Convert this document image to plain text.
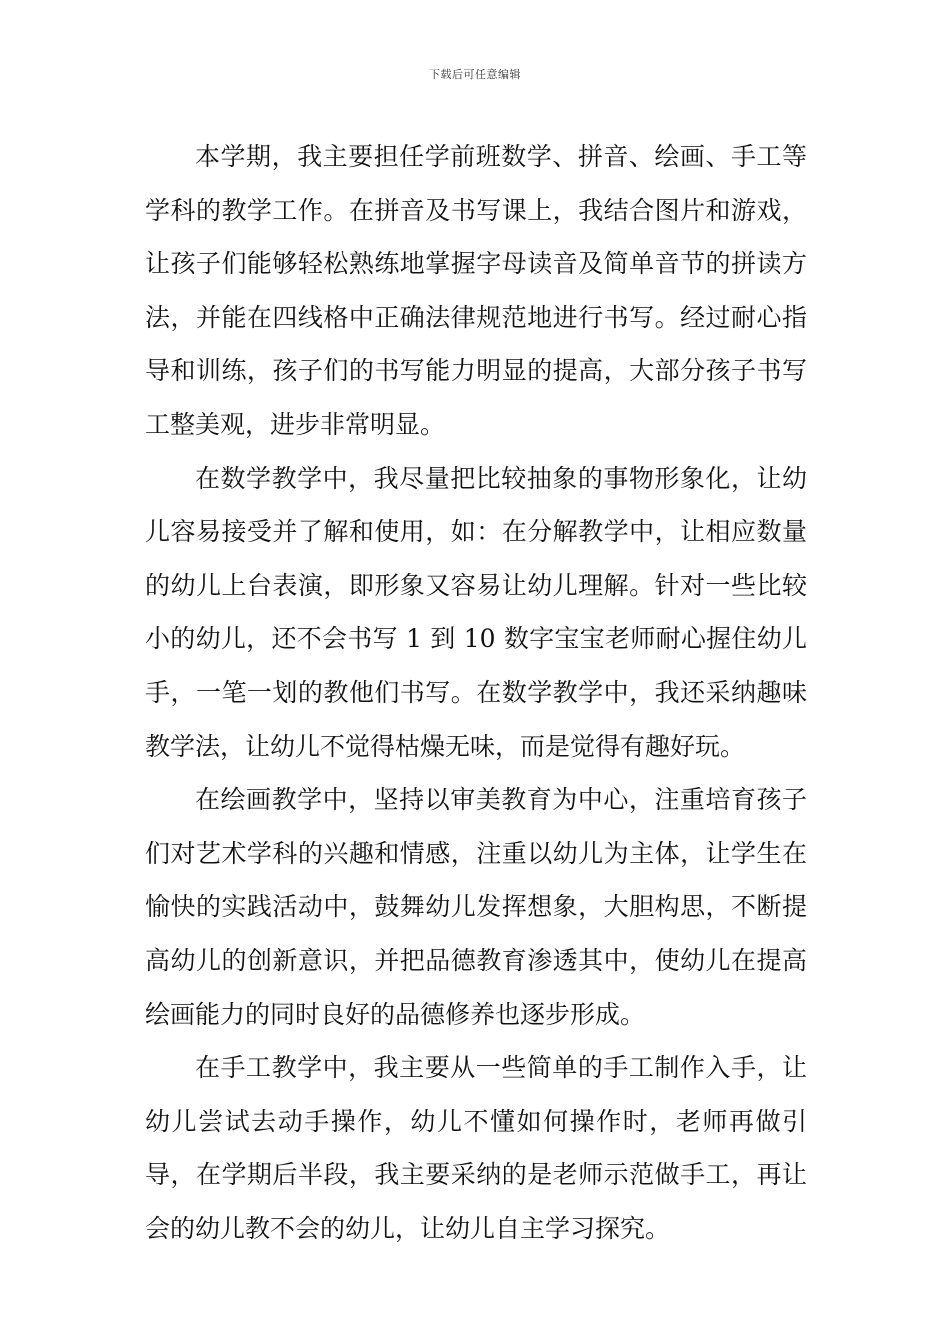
下载后可任意编辑

本学期，我主要担任学前班数学、拼音、绘画、手工等学科的教学工作。在拼音及书写课上，我结合图片和游戏，让孩子们能够轻松熟练地掌握字母读音及简单音节的拼读方法，并能在四线格中正确法律规范地进行书写。经过耐心指导和训练，孩子们的书写能力明显的提高，大部分孩子书写工整美观，进步非常明显。

在数学教学中，我尽量把比较抽象的事物形象化，让幼儿容易接受并了解和使用，如：在分解教学中，让相应数量的幼儿上台表演，即形象又容易让幼儿理解。针对一些比较小的幼儿，还不会书写 1 到 10 数字宝宝老师耐心握住幼儿手，一笔一划的教他们书写。在数学教学中，我还采纳趣味教学法，让幼儿不觉得枯燥无味，而是觉得有趣好玩。

在绘画教学中，坚持以审美教育为中心，注重培育孩子们对艺术学科的兴趣和情感，注重以幼儿为主体，让学生在愉快的实践活动中，鼓舞幼儿发挥想象，大胆构思，不断提高幼儿的创新意识，并把品德教育渗透其中，使幼儿在提高绘画能力的同时良好的品德修养也逐步形成。

在手工教学中，我主要从一些简单的手工制作入手，让幼儿尝试去动手操作，幼儿不懂如何操作时，老师再做引导，在学期后半段，我主要采纳的是老师示范做手工，再让会的幼儿教不会的幼儿，让幼儿自主学习探究。
